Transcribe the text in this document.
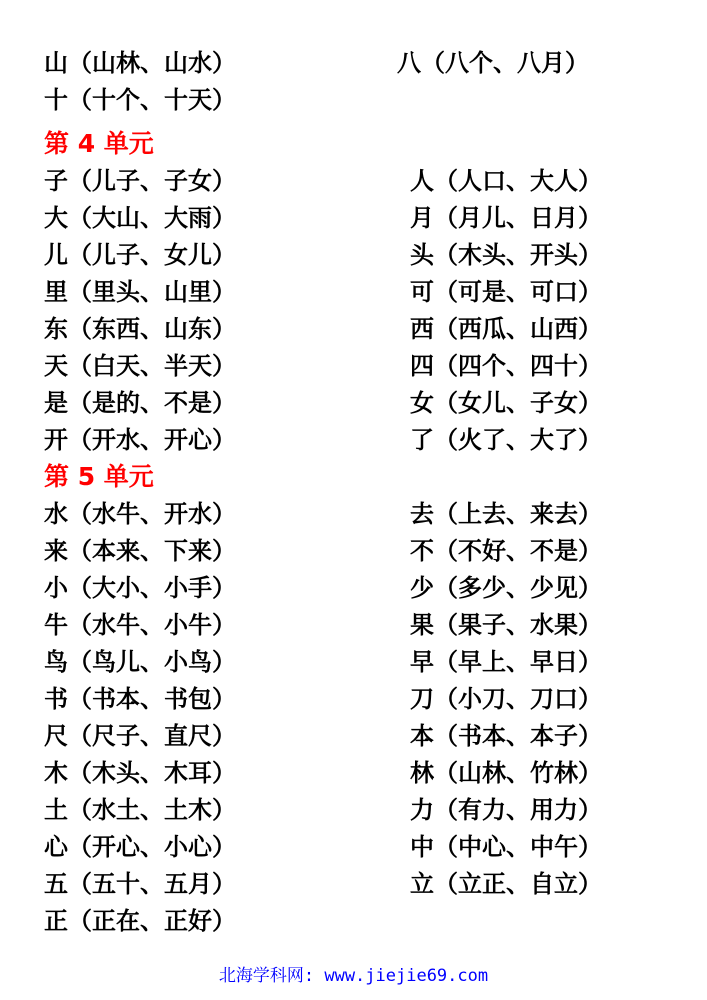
山（山林、山水）	八（八个、八月）
十（十个、十天）
第 4 单元
子（儿子、子女）	人（人口、大人）
大（大山、大雨）	月（月儿、日月）
儿（儿子、女儿）	头（木头、开头）
里（里头、山里）	可（可是、可口）
东（东西、山东）	西（西瓜、山西）
天（白天、半天）	四（四个、四十）
是（是的、不是）	女（女儿、子女）
开（开水、开心）	了（火了、大了）
第 5 单元
水（水牛、开水）	去（上去、来去）
来（本来、下来）	不（不好、不是）
小（大小、小手）	少（多少、少见）
牛（水牛、小牛）	果（果子、水果）
鸟（鸟儿、小鸟）	早（早上、早日）
书（书本、书包）	刀（小刀、刀口）
尺（尺子、直尺）	本（书本、本子）
木（木头、木耳）	林（山林、竹林）
土（水土、土木）	力（有力、用力）
心（开心、小心）	中（中心、中午）
五（五十、五月）	立（立正、自立）
正（正在、正好）
北海学科网: www.jiejie69.com
